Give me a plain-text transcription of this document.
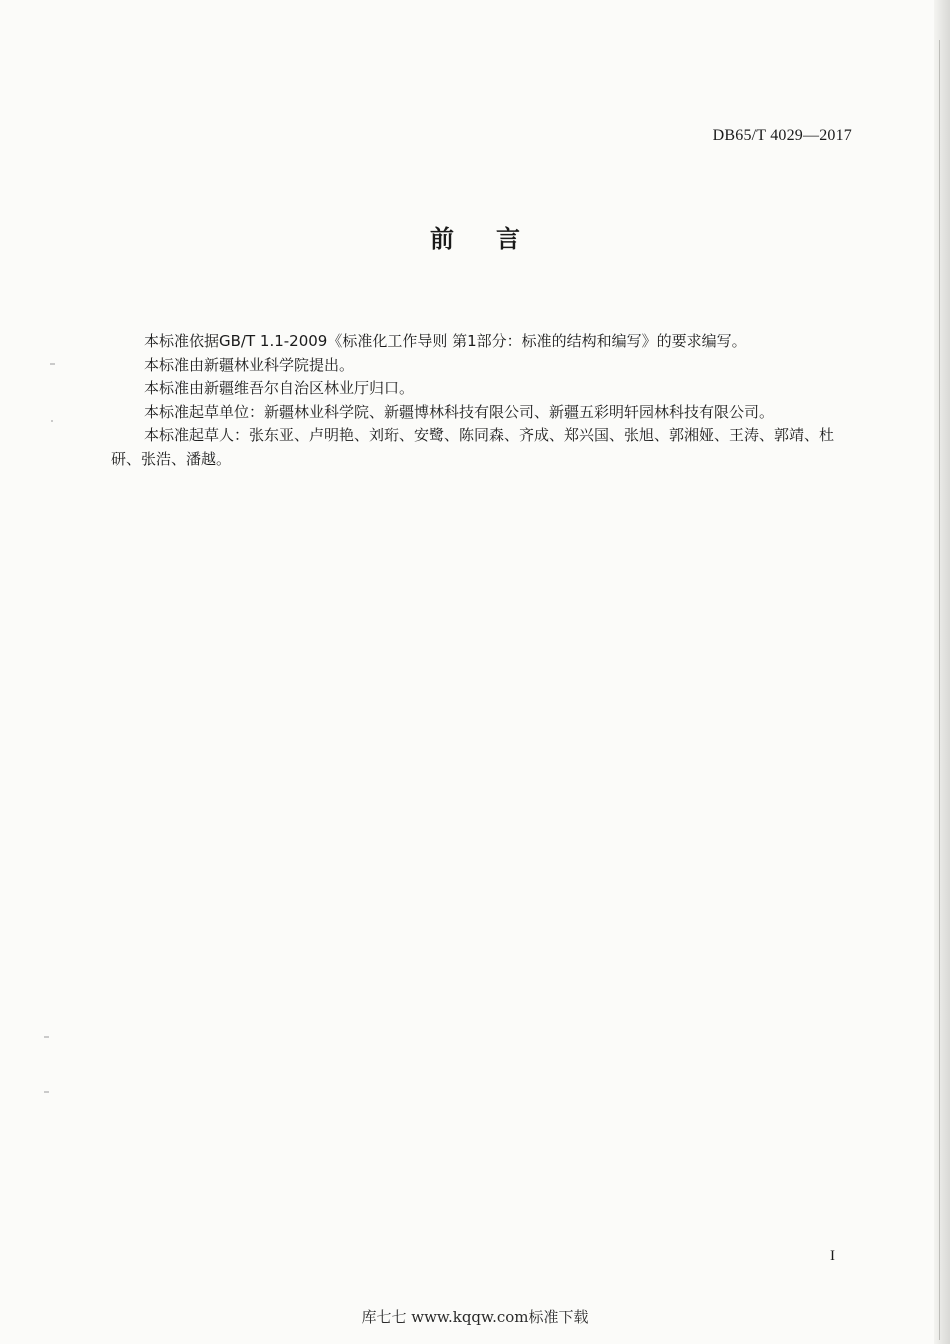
DB65/T 4029—2017
前言

本标准依据GB/T 1.1-2009《标准化工作导则 第1部分：标准的结构和编写》的要求编写。

本标准由新疆林业科学院提出。

本标准由新疆维吾尔自治区林业厅归口。

本标准起草单位：新疆林业科学院、新疆博林科技有限公司、新疆五彩明轩园林科技有限公司。

本标准起草人：张东亚、卢明艳、刘珩、安鹭、陈同森、齐成、郑兴国、张旭、郭湘娅、王涛、郭靖、杜研、张浩、潘越。

I
库七七 www.kqqw.com标准下载
